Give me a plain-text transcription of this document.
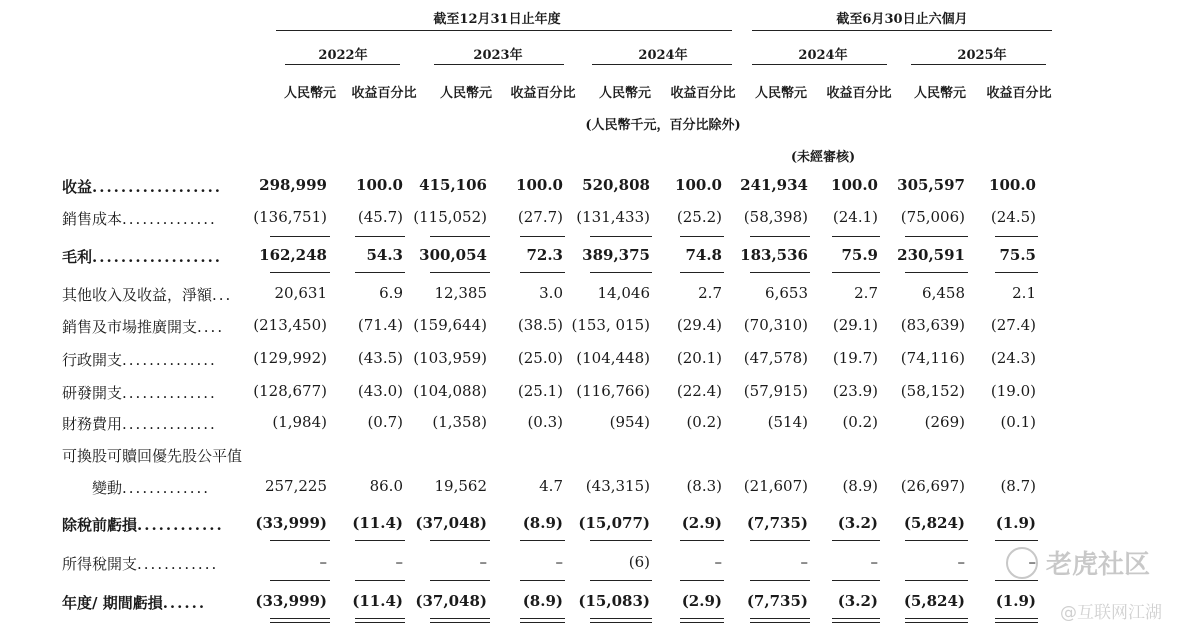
截至12月31日止年度	截至6月30日止六個月
2022年	2023年	2024年	2024年	2025年
人民幣元 收益百分比 人民幣元 收益百分比 人民幣元 收益百分比 人民幣元 收益百分比 人民幣元 收益百分比
(人民幣千元，百分比除外)
(未經審核)
收益.................. 298,999 100.0 415,106 100.0 520,808 100.0 241,934 100.0 305,597 100.0
銷售成本.............. (136,751) (45.7) (115,052) (27.7) (131,433) (25.2) (58,398) (24.1) (75,006) (24.5)
毛利.................. 162,248	54.3 300,054	72.3 389,375 74.8 183,536 75.9 230,591 75.5
其他收入及收益，淨額...	20,631	6.9 12,385	3.0 14,046	2.7	6,653	2.7	6,458	2.1
銷售及市場推廣開支.... (213,450) (71.4) (159,644) (38.5) (153, 015) (29.4) (70,310) (29.1) (83,639) (27.4)
行政開支.............. (129,992) (43.5) (103,959) (25.0) (104,448) (20.1) (47,578) (19.7) (74,116) (24.3)
研發開支.............. (128,677) (43.0) (104,088) (25.1) (116,766) (22.4) (57,915) (23.9) (58,152) (19.0)
財務費用..............	(1,984)	(0.7) (1,358)	(0.3)	(954) (0.2)	(514) (0.2)	(269) (0.1)
可換股可贖回優先股公平值
變動.............	257,225	86.0 19,562	4.7 (43,315) (8.3) (21,607) (8.9) (26,697) (8.7)
除稅前虧損............ (33,999) (11.4) (37,048) (8.9) (15,077) (2.9) (7,735) (3.2) (5,824) (1.9)
所得稅開支............	–	–	–	–	(6)	–	–	–	–	–
年度/ 期間虧損......	(33,999) (11.4) (37,048) (8.9) (15,083) (2.9) (7,735) (3.2) (5,824) (1.9)
老虎社区
@互联网江湖
